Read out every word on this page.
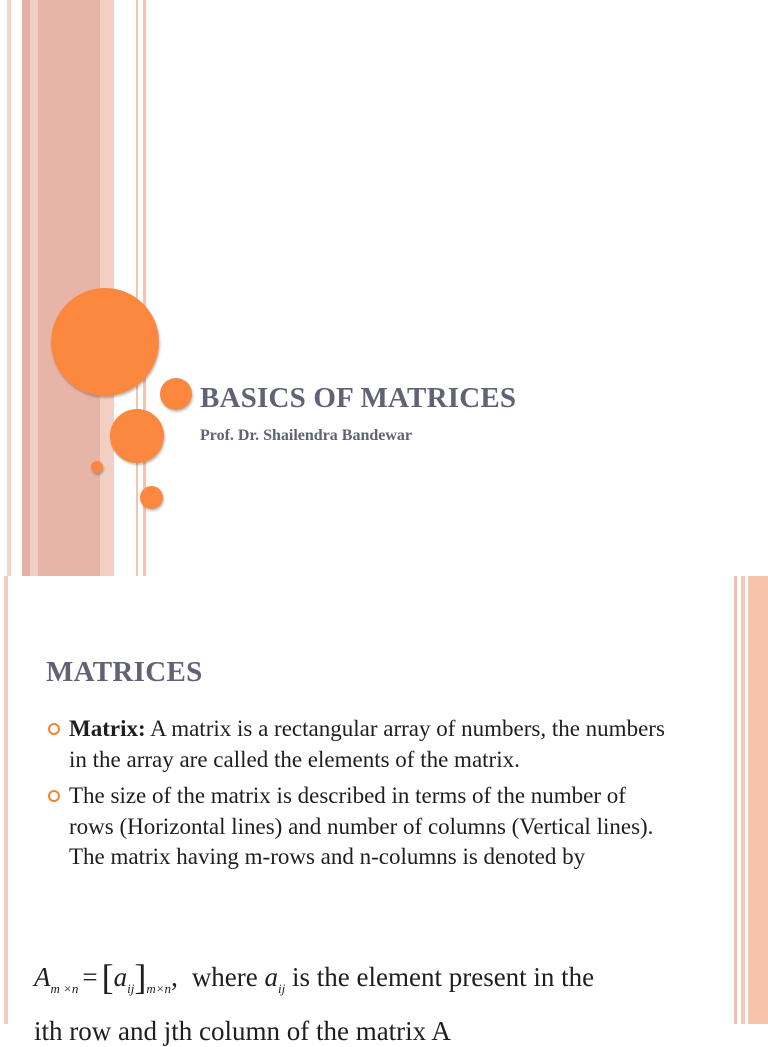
BASICS OF MATRICES

Prof. Dr. Shailendra Bandewar

MATRICES
Matrix: A matrix is a rectangular array of numbers, the numbers in the array are called the elements of the matrix.
The size of the matrix is described in terms of the number of rows (Horizontal lines) and number of columns (Vertical lines). The matrix having m-rows and n-columns is denoted by
$A_{m \times n} = [a_{ij}]_{m\times n}$, where $a_{ij}$ is the element present in the
ith row and jth column of the matrix A
